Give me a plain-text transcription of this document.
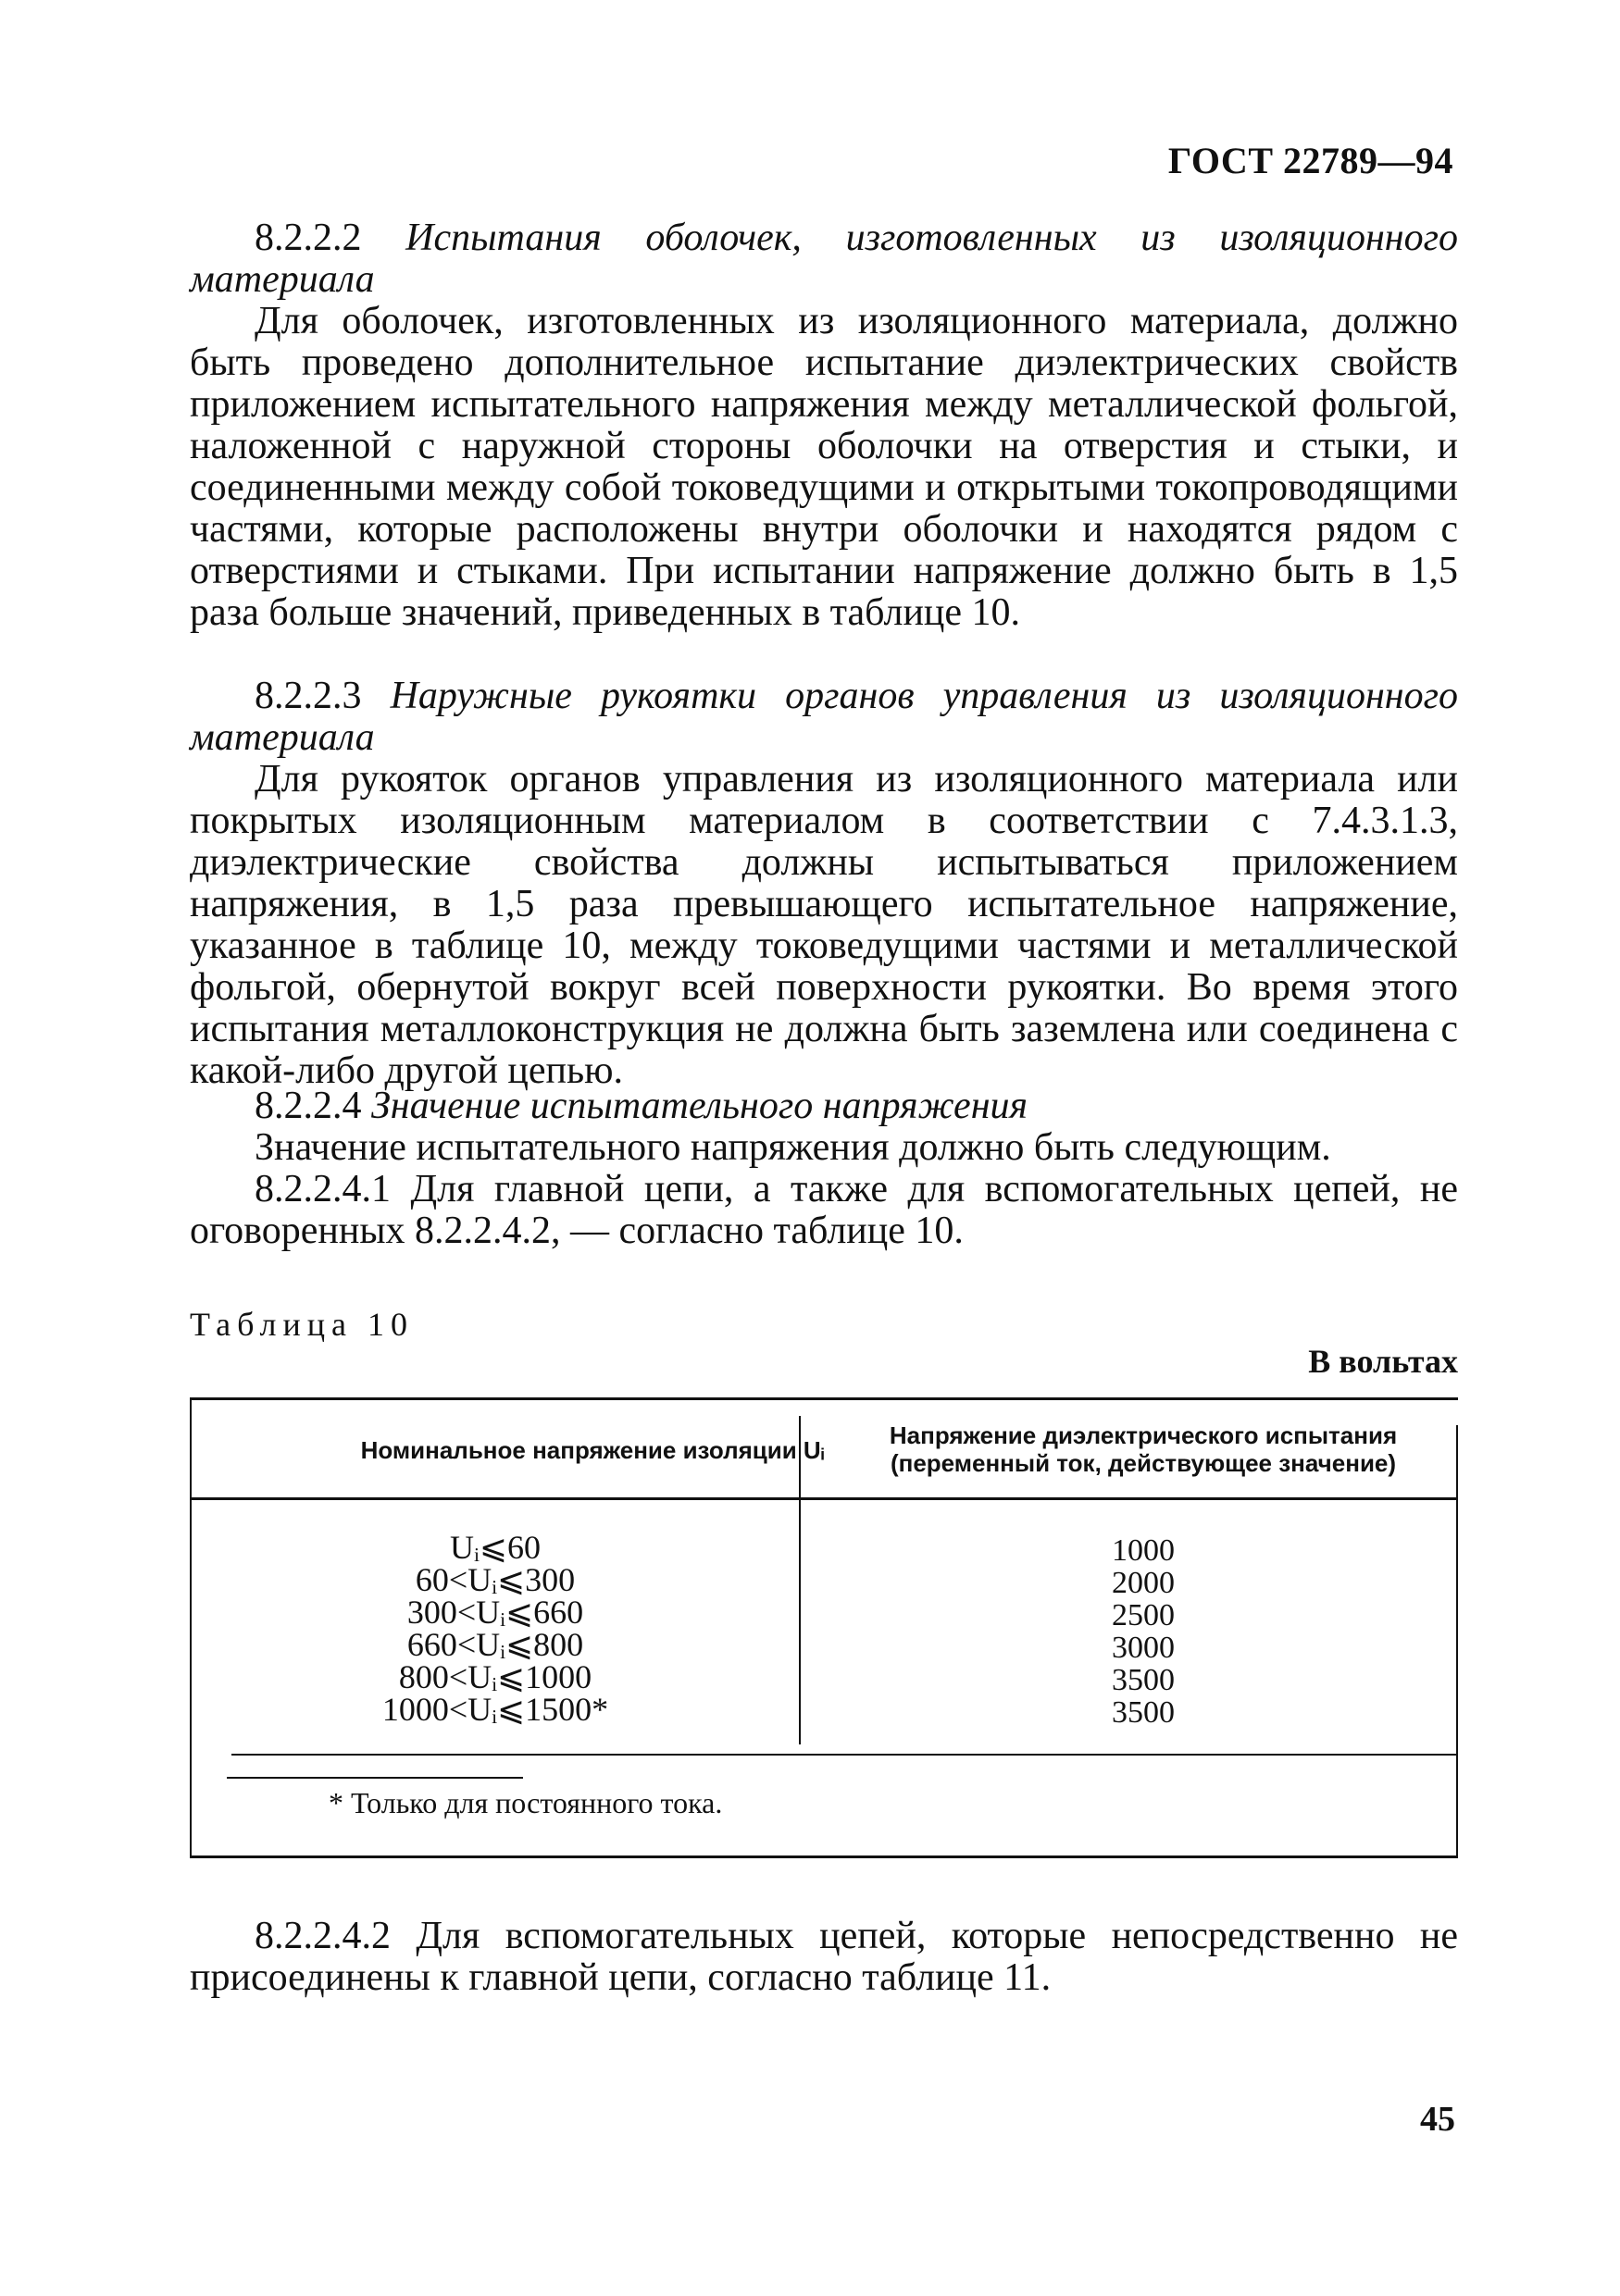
ГОСТ 22789—94

8.2.2.2 Испытания оболочек, изготовленных из изоляционного материала

Для оболочек, изготовленных из изоляционного материала, должно быть проведено дополнительное испытание диэлектрических свойств приложением испытательного напряжения между металлической фольгой, наложенной с наружной стороны оболочки на отверстия и стыки, и соединенными между собой токоведущими и открытыми токопроводящими частями, которые расположены внутри оболочки и находятся рядом с отверстиями и стыками. При испытании напряжение должно быть в 1,5 раза больше значений, приведенных в таблице 10.

8.2.2.3 Наружные рукоятки органов управления из изоляционного материала

Для рукояток органов управления из изоляционного материала или покрытых изоляционным материалом в соответствии с 7.4.3.1.3, диэлектрические свойства должны испытываться приложением напряжения, в 1,5 раза превышающего испытательное напряжение, указанное в таблице 10, между токоведущими частями и металлической фольгой, обернутой вокруг всей поверхности рукоятки. Во время этого испытания металлоконструкция не должна быть заземлена или соединена с какой-либо другой цепью.

8.2.2.4 Значение испытательного напряжения

Значение испытательного напряжения должно быть следующим.

8.2.2.4.1 Для главной цепи, а также для вспомогательных цепей, не оговоренных 8.2.2.4.2, — согласно таблице 10.

Таблица 10
В вольтах
Номинальное напряжение изоляции Uᵢ
Напряжение диэлектрического испытания
(переменный ток, действующее значение)
Uᵢ⩽60
60<Uᵢ⩽300
300<Uᵢ⩽660
660<Uᵢ⩽800
800<Uᵢ⩽1000
1000<Uᵢ⩽1500*
1000
2000
2500
3000
3500
3500
* Только для постоянного тока.

8.2.2.4.2 Для вспомогательных цепей, которые непосредственно не присоединены к главной цепи, согласно таблице 11.

45
